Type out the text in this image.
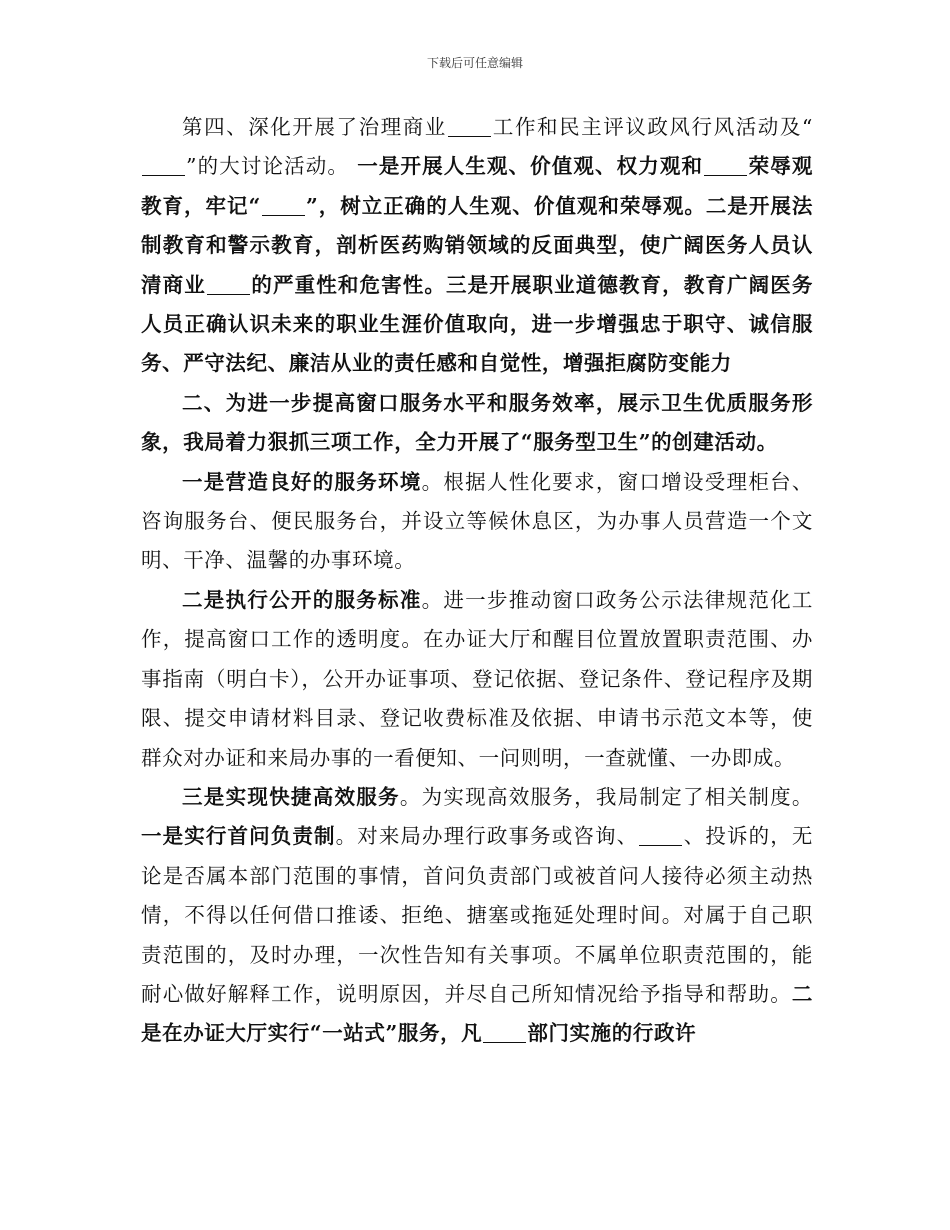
下载后可任意编辑

第四、深化开展了治理商业 工作和民主评议政风行风活动及“”的大讨论活动。 一是开展人生观、价值观、权力观和 荣辱观教育，牢记“ ”，树立正确的人生观、价值观和荣辱观。二是开展法制教育和警示教育，剖析医药购销领域的反面典型，使广阔医务人员认清商业 的严重性和危害性。三是开展职业道德教育，教育广阔医务人员正确认识未来的职业生涯价值取向，进一步增强忠于职守、诚信服务、严守法纪、廉洁从业的责任感和自觉性，增强拒腐防变能力

二、为进一步提高窗口服务水平和服务效率，展示卫生优质服务形象，我局着力狠抓三项工作，全力开展了“服务型卫生”的创建活动。

一是营造良好的服务环境。根据人性化要求，窗口增设受理柜台、咨询服务台、便民服务台，并设立等候休息区，为办事人员营造一个文明、干净、温馨的办事环境。

二是执行公开的服务标准。进一步推动窗口政务公示法律规范化工作，提高窗口工作的透明度。在办证大厅和醒目位置放置职责范围、办事指南（明白卡），公开办证事项、登记依据、登记条件、登记程序及期限、提交申请材料目录、登记收费标准及依据、申请书示范文本等，使群众对办证和来局办事的一看便知、一问则明，一查就懂、一办即成。

三是实现快捷高效服务。为实现高效服务，我局制定了相关制度。一是实行首问负责制。对来局办理行政事务或咨询、 、投诉的，无论是否属本部门范围的事情，首问负责部门或被首问人接待必须主动热情，不得以任何借口推诿、拒绝、搪塞或拖延处理时间。对属于自己职责范围的，及时办理，一次性告知有关事项。不属单位职责范围的，能耐心做好解释工作，说明原因，并尽自己所知情况给予指导和帮助。二是在办证大厅实行“一站式”服务，凡 部门实施的行政许
